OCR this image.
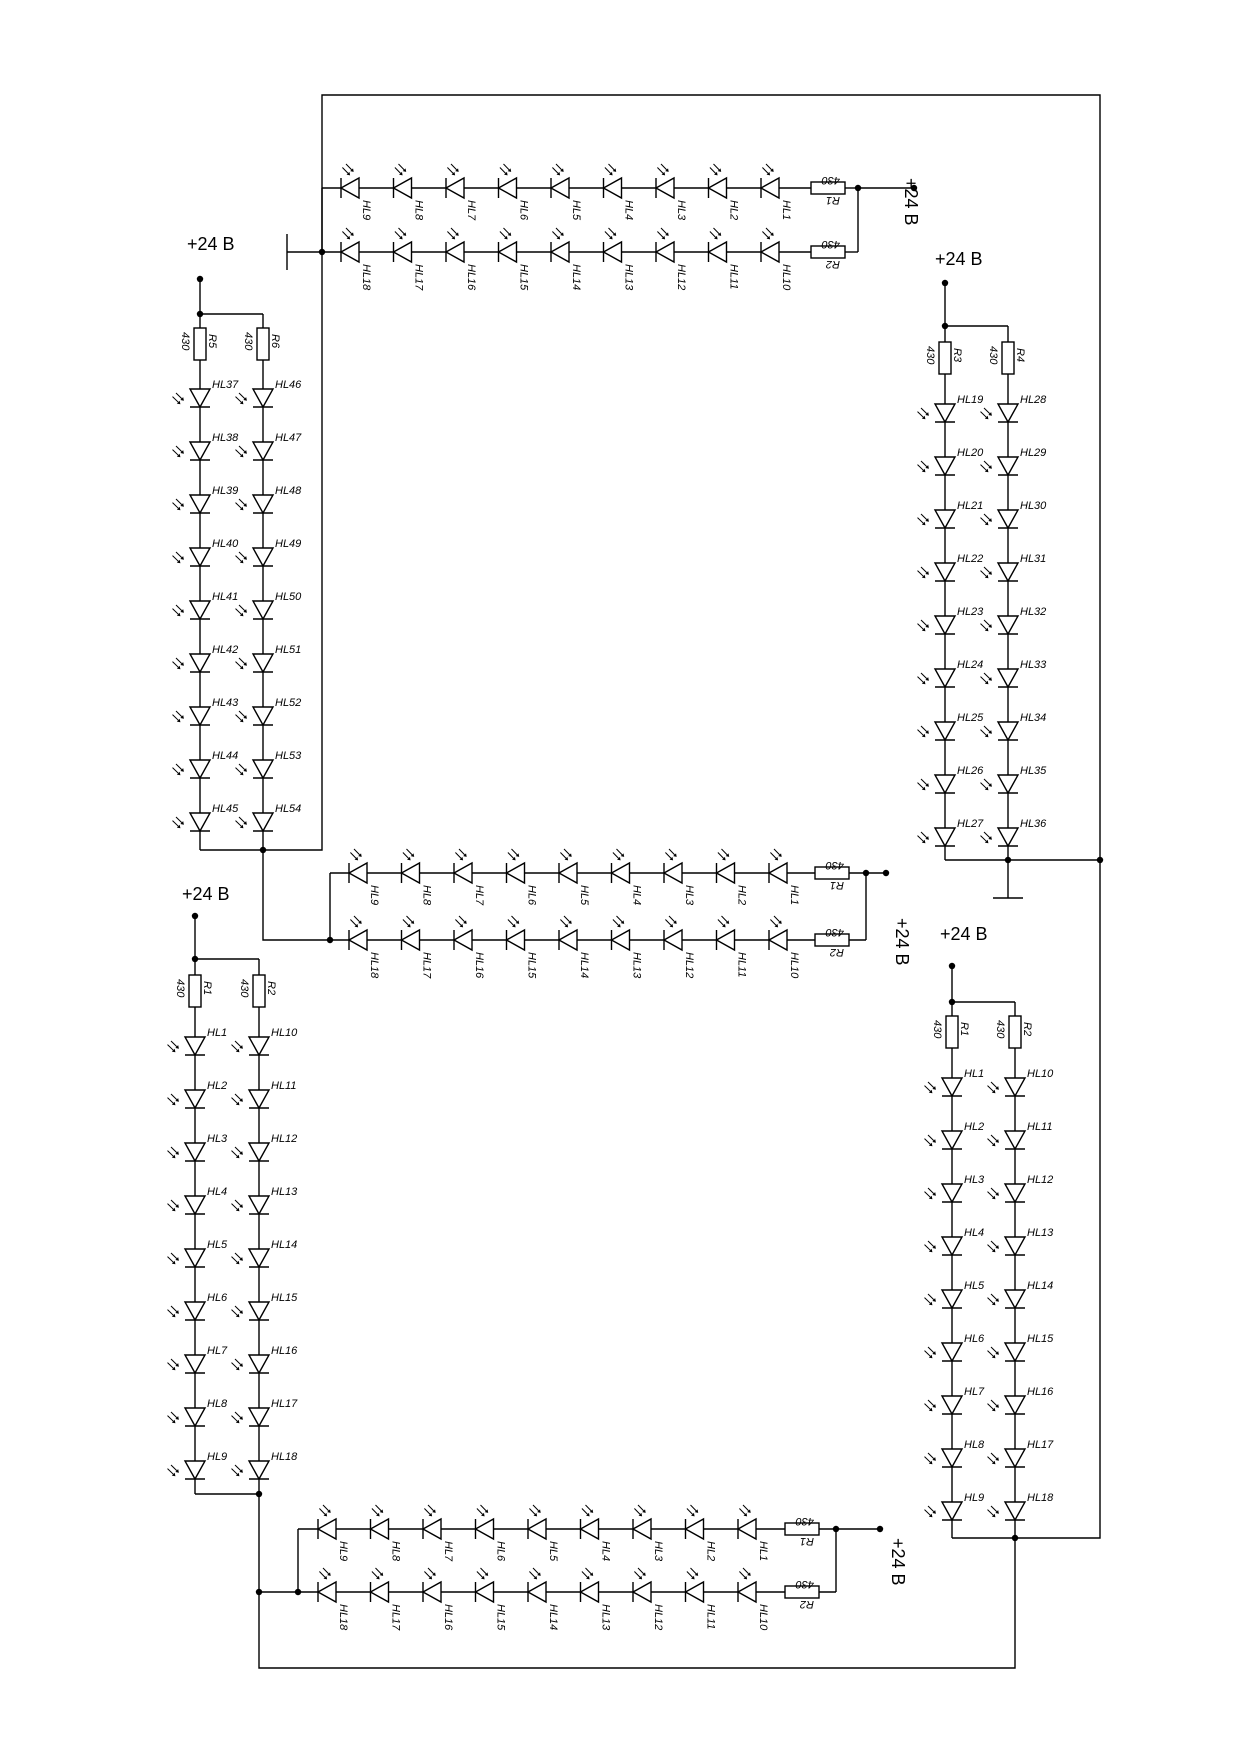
R1
430
HL9	HL8	HL7	HL6	HL5	HL4	HL3	HL2	HL1
R2
430
HL18	HL17	HL16	HL15	HL14	HL13	HL12	HL11	HL10
+24 В
+24 В
R5
430
HL37
HL38
HL39
HL40
HL41
HL42
HL43
HL44
HL45
R6
430
HL46
HL47
HL48
HL49
HL50
HL51
HL52
HL53
HL54
+24 В
R3
430
HL19
HL20
HL21
HL22
HL23
HL24
HL25
HL26
HL27
R4
430
HL28
HL29
HL30
HL31
HL32
HL33
HL34
HL35
HL36
R1
430
HL9	HL8	HL7	HL6	HL5	HL4	HL3	HL2	HL1
R2
430
HL18	HL17	HL16	HL15	HL14	HL13	HL12	HL11	HL10	+24 В
+24 В
R1
430
HL1
HL2
HL3
HL4
HL5
HL6
HL7
HL8
HL9
R2
430
HL10
HL11
HL12
HL13
HL14
HL15
HL16
HL17
HL18
+24 В
R1
430
HL1
HL2
HL3
HL4
HL5
HL6
HL7
HL8
HL9
R2
430
HL10
HL11
HL12
HL13
HL14
HL15
HL16
HL17
HL18
R1
430
HL9	HL8	HL7	HL6	HL5	HL4	HL3	HL2	HL1
R2
430
HL18	HL17	HL16	HL15	HL14	HL13	HL12	HL11	HL10
+24 В
